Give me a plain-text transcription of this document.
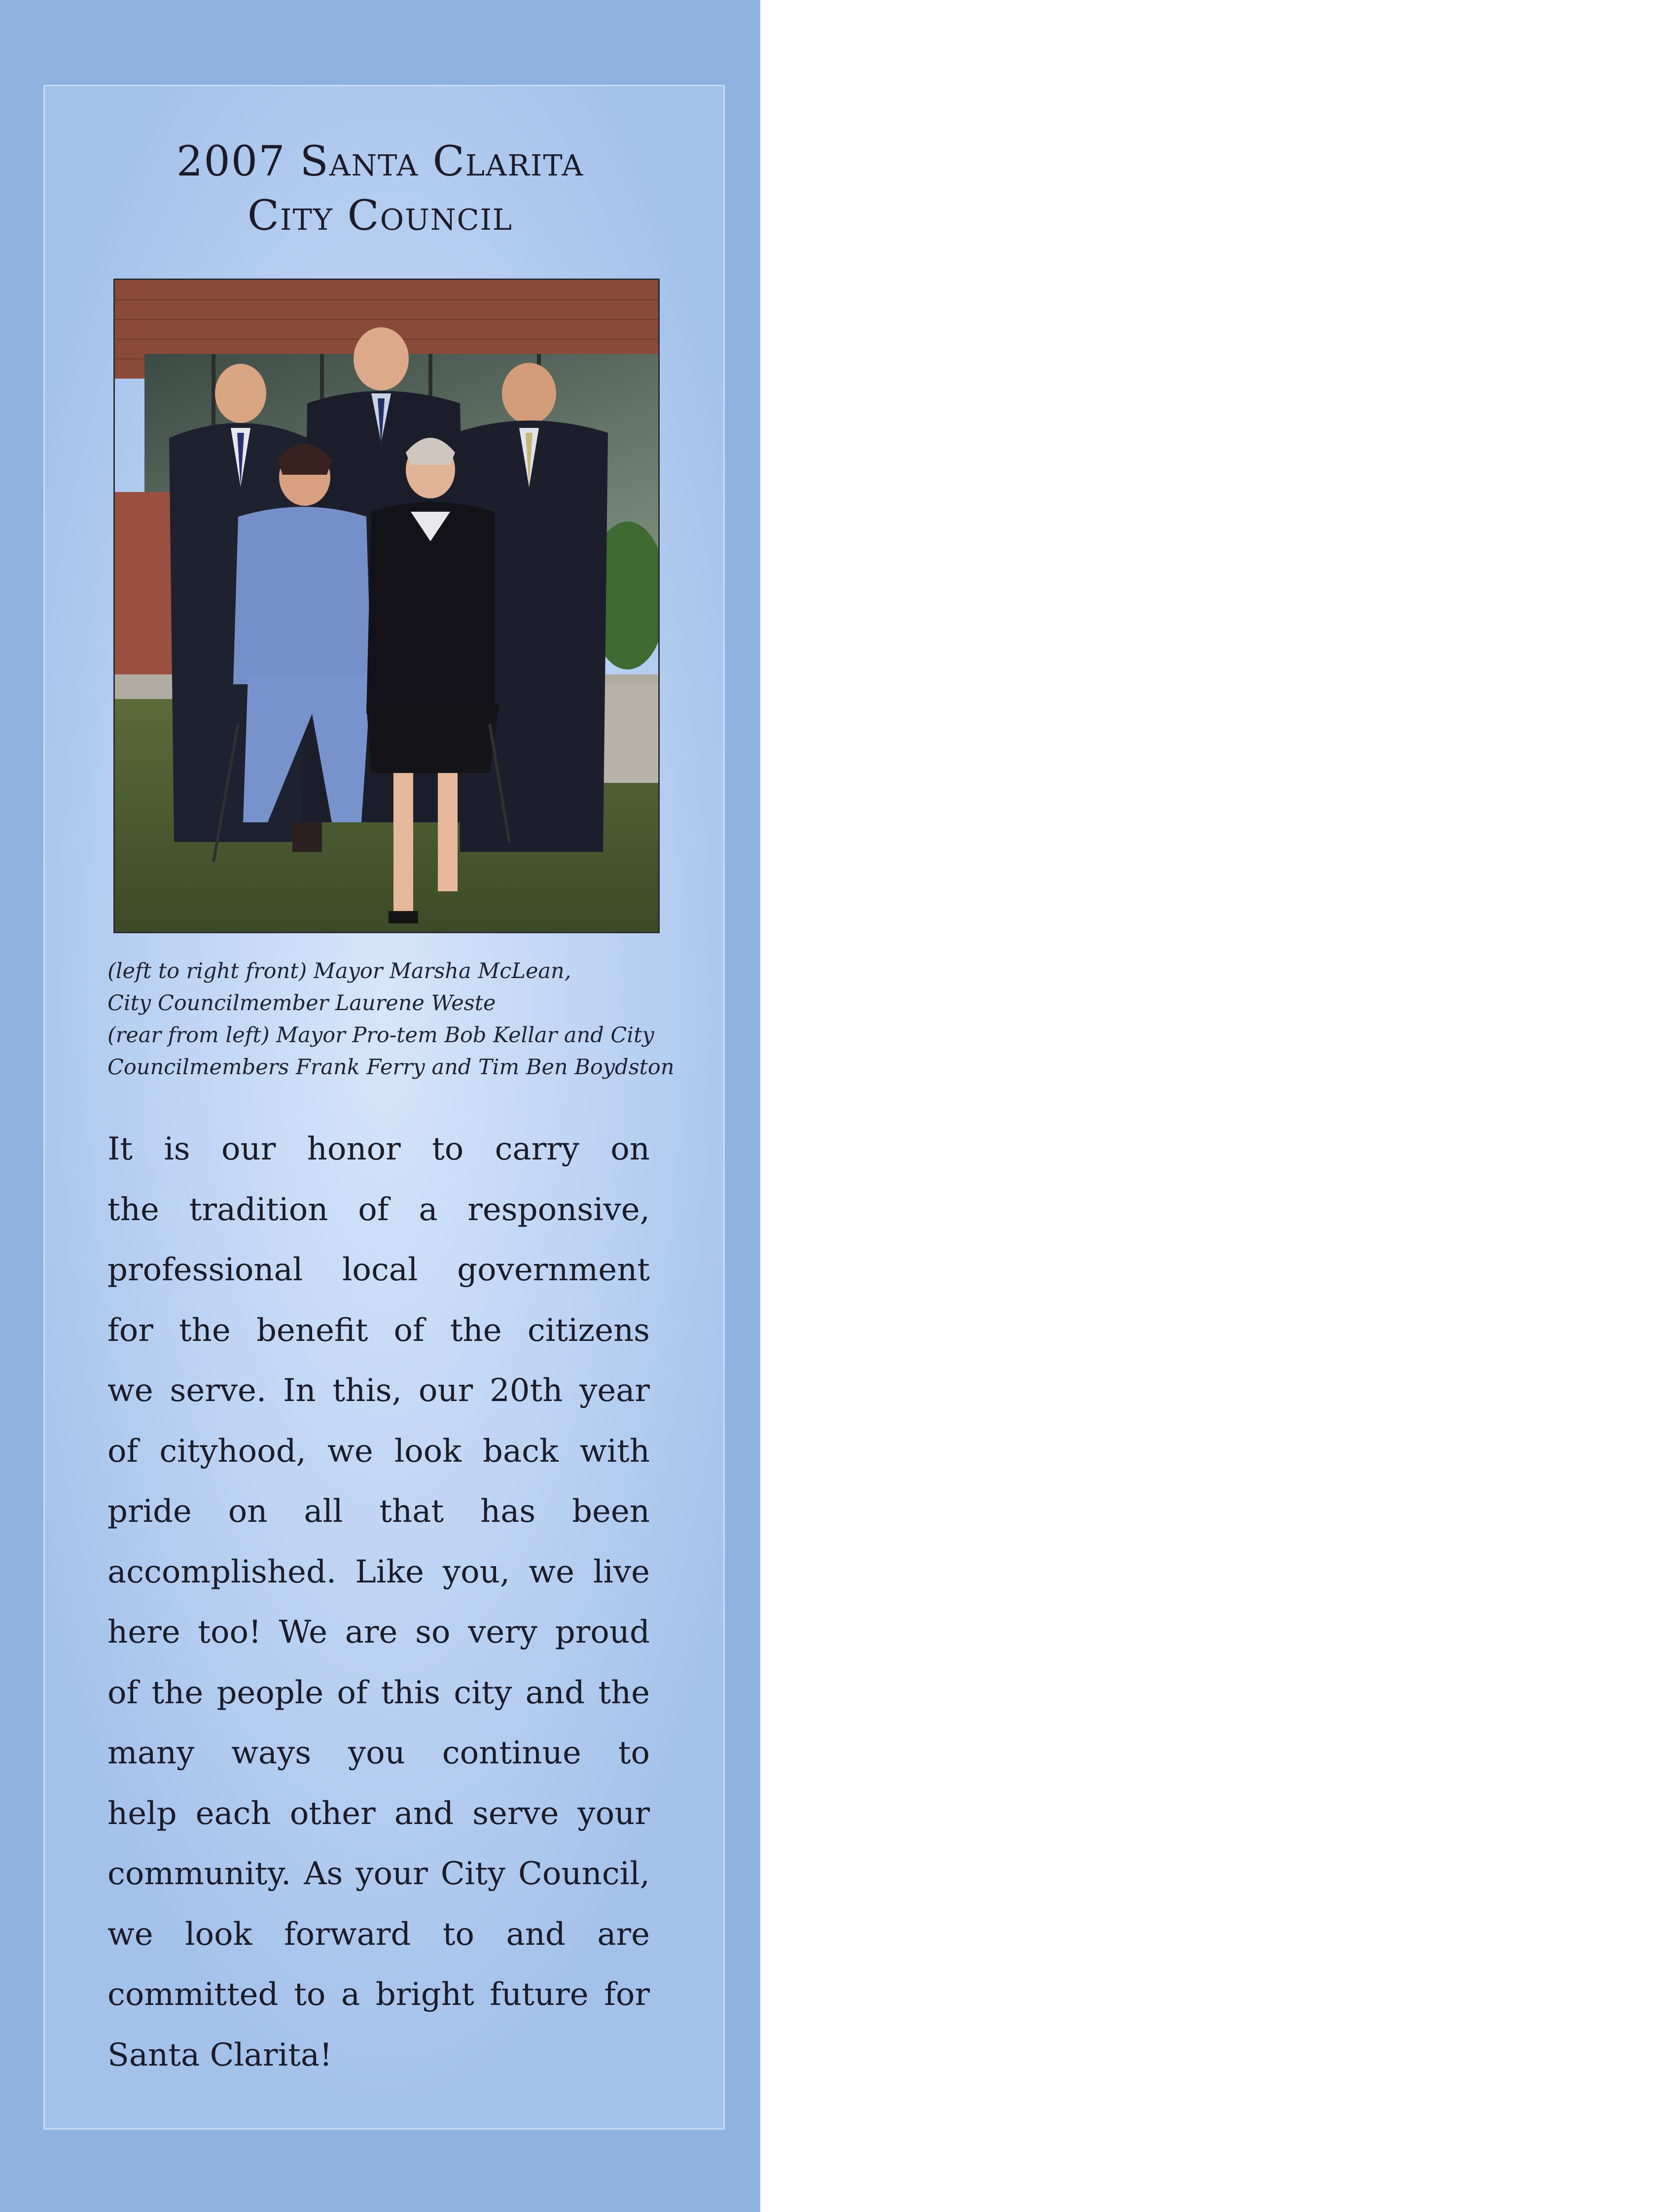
2007 Santa Clarita
City Council
(left to right front) Mayor Marsha McLean,
City Councilmember Laurene Weste
(rear from left) Mayor Pro-tem Bob Kellar and City
Councilmembers Frank Ferry and Tim Ben Boydston
It is our honor to carry on
the tradition of a responsive,
professional local government
for the benefit of the citizens
we serve. In this, our 20th year
of cityhood, we look back with
pride on all that has been
accomplished. Like you, we live
here too! We are so very proud
of the people of this city and the
many ways you continue to
help each other and serve your
community. As your City Council,
we look forward to and are
committed to a bright future for
Santa Clarita!
